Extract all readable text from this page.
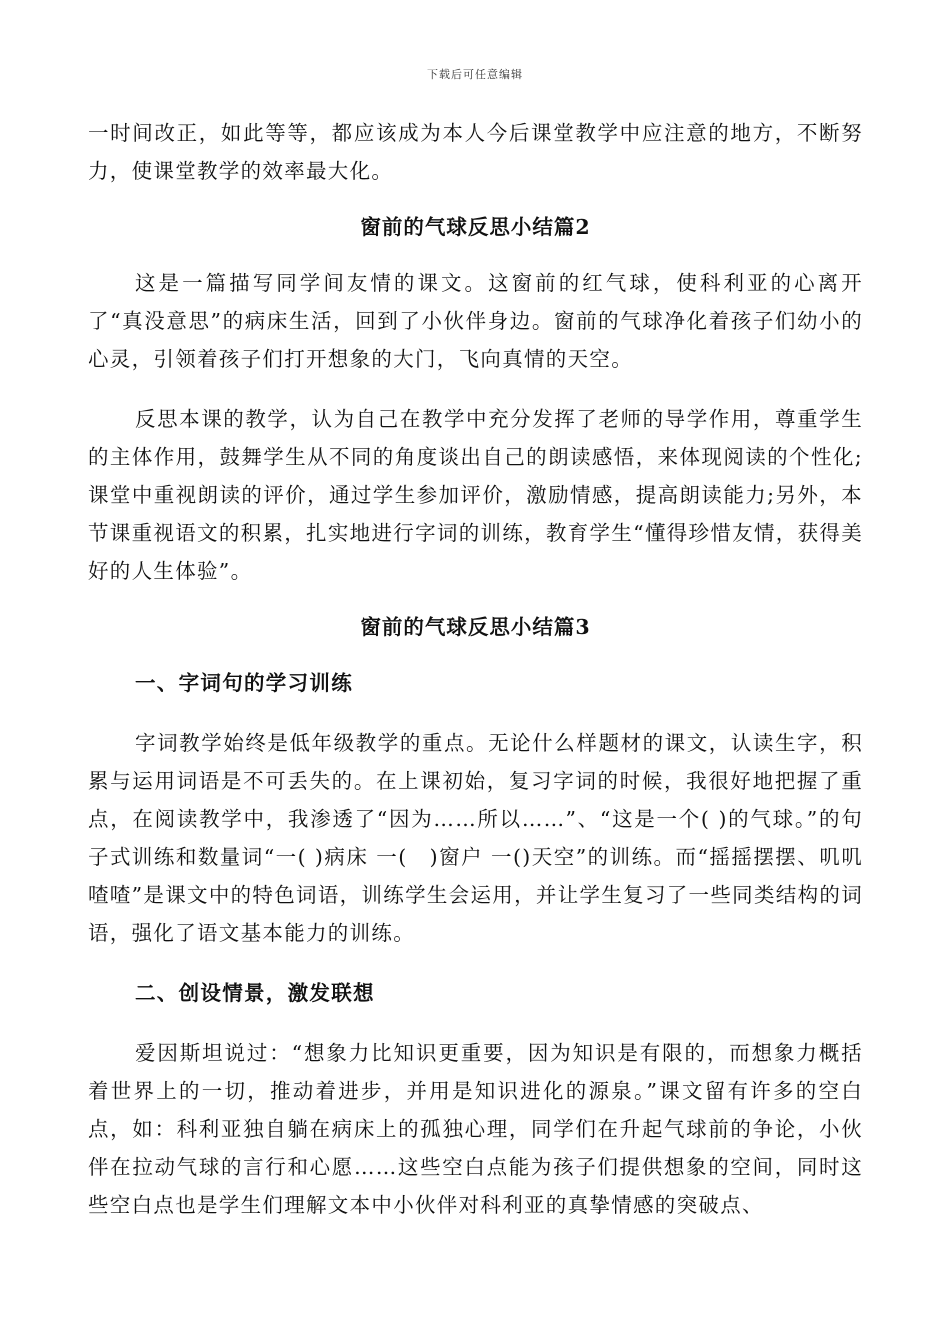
下载后可任意编辑

一时间改正，如此等等，都应该成为本人今后课堂教学中应注意的地方，不断努力，使课堂教学的效率最大化。

窗前的气球反思小结篇2

这是一篇描写同学间友情的课文。这窗前的红气球，使科利亚的心离开了“真没意思”的病床生活，回到了小伙伴身边。窗前的气球净化着孩子们幼小的心灵，引领着孩子们打开想象的大门，飞向真情的天空。

反思本课的教学，认为自己在教学中充分发挥了老师的导学作用，尊重学生的主体作用，鼓舞学生从不同的角度谈出自己的朗读感悟，来体现阅读的个性化;课堂中重视朗读的评价，通过学生参加评价，激励情感，提高朗读能力;另外，本节课重视语文的积累，扎实地进行字词的训练，教育学生“懂得珍惜友情，获得美好的人生体验”。

窗前的气球反思小结篇3

一、字词句的学习训练

字词教学始终是低年级教学的重点。无论什么样题材的课文，认读生字，积累与运用词语是不可丢失的。在上课初始，复习字词的时候，我很好地把握了重点，在阅读教学中，我渗透了“因为……所以……”、“这是一个( )的气球。”的句子式训练和数量词“一( )病床 一(　)窗户 一()天空”的训练。而“摇摇摆摆、叽叽喳喳”是课文中的特色词语，训练学生会运用，并让学生复习了一些同类结构的词语，强化了语文基本能力的训练。

二、创设情景，激发联想

爱因斯坦说过：“想象力比知识更重要，因为知识是有限的，而想象力概括着世界上的一切，推动着进步，并用是知识进化的源泉。”课文留有许多的空白点，如：科利亚独自躺在病床上的孤独心理，同学们在升起气球前的争论，小伙伴在拉动气球的言行和心愿……这些空白点能为孩子们提供想象的空间，同时这些空白点也是学生们理解文本中小伙伴对科利亚的真挚情感的突破点、
